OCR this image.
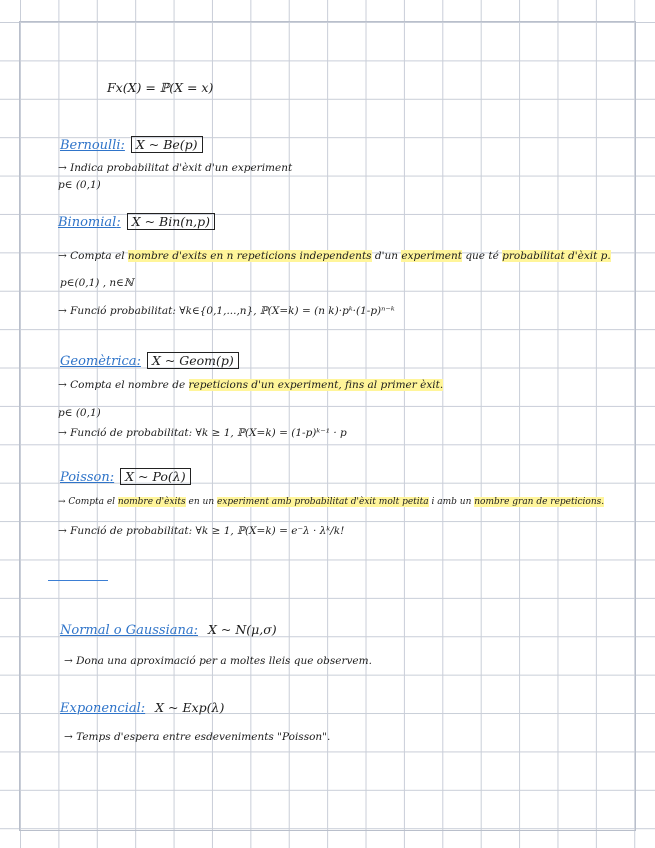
Fx(X) = ℙ(X = x)
Bernoulli: X ~ Be(p)
→ Indica probabilitat d'èxit d'un experiment
p∈ (0,1)
Binomial: X ~ Bin(n,p)
→ Compta el nombre d'exits en n repeticions independents d'un experiment que té probabilitat d'èxit p.
p∈(0,1) , n∈ℕ
→ Funció probabilitat: ∀k∈{0,1,...,n}, ℙ(X=k) = (n k)·pᵏ·(1-p)ⁿ⁻ᵏ
Geomètrica: X ~ Geom(p)
→ Compta el nombre de repeticions d'un experiment, fins al primer èxit.
p∈ (0,1)
→ Funció de probabilitat: ∀k ≥ 1, ℙ(X=k) = (1-p)ᵏ⁻¹ · p
Poisson: X ~ Po(λ)
→ Compta el nombre d'èxits en un experiment amb probabilitat d'èxit molt petita i amb un nombre gran de repeticions.
→ Funció de probabilitat: ∀k ≥ 1, ℙ(X=k) = e⁻λ · λᵏ/k!
Normal o Gaussiana: X ~ N(μ,σ)
→ Dona una aproximació per a moltes lleis que observem.
Exponencial: X ~ Exp(λ)
→ Temps d'espera entre esdeveniments "Poisson".
